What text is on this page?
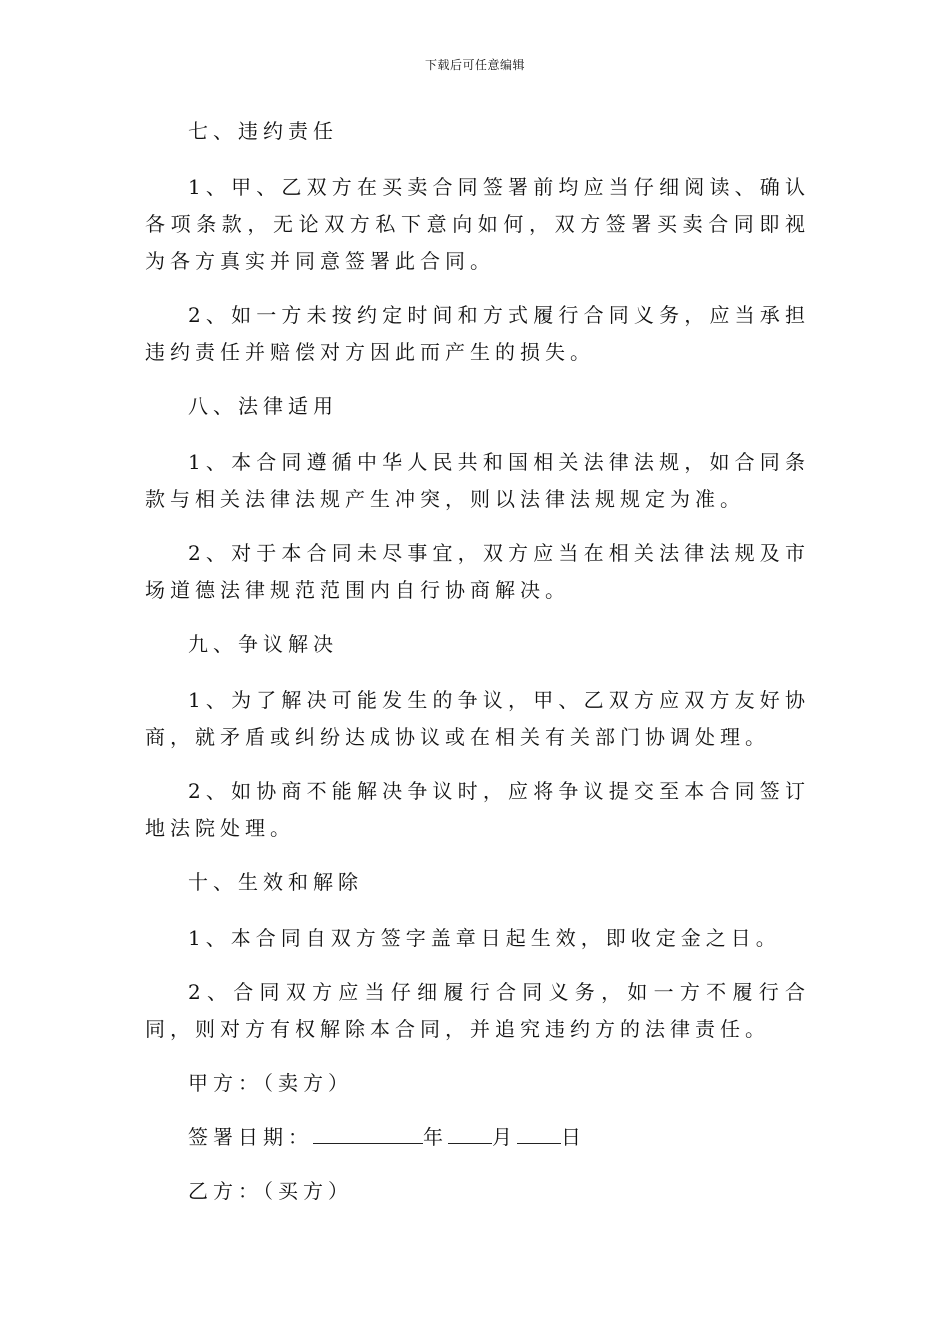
下载后可任意编辑

七、违约责任

1、甲、乙双方在买卖合同签署前均应当仔细阅读、确认各项条款，无论双方私下意向如何，双方签署买卖合同即视为各方真实并同意签署此合同。

2、如一方未按约定时间和方式履行合同义务，应当承担违约责任并赔偿对方因此而产生的损失。

八、法律适用

1、本合同遵循中华人民共和国相关法律法规，如合同条款与相关法律法规产生冲突，则以法律法规规定为准。

2、对于本合同未尽事宜，双方应当在相关法律法规及市场道德法律规范范围内自行协商解决。

九、争议解决

1、为了解决可能发生的争议，甲、乙双方应双方友好协商，就矛盾或纠纷达成协议或在相关有关部门协调处理。

2、如协商不能解决争议时，应将争议提交至本合同签订地法院处理。

十、生效和解除

1、本合同自双方签字盖章日起生效，即收定金之日。

2、合同双方应当仔细履行合同义务，如一方不履行合同，则对方有权解除本合同，并追究违约方的法律责任。

甲方：（卖方）

签署日期：	年 月 日

乙方：（买方）
